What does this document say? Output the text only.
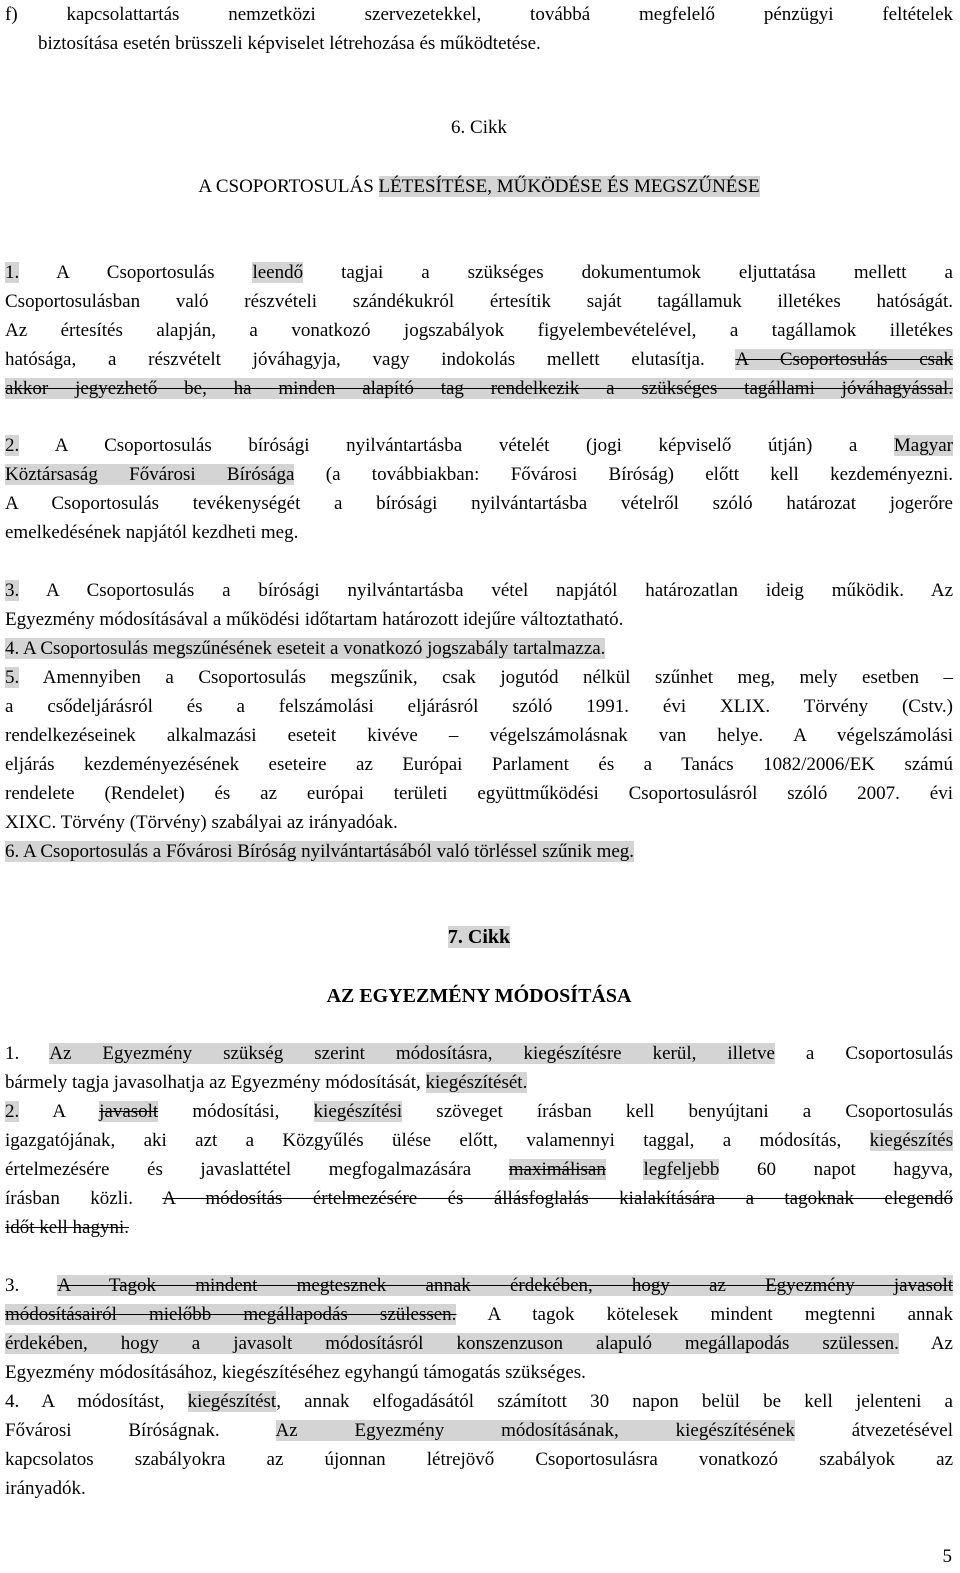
f) kapcsolattartás nemzetközi szervezetekkel, továbbá megfelelő pénzügyi feltételek
biztosítása esetén brüsszeli képviselet létrehozása és működtetése.
6. Cikk
A CSOPORTOSULÁS LÉTESÍTÉSE, MŰKÖDÉSE ÉS MEGSZŰNÉSE
1. A Csoportosulás leendő tagjai a szükséges dokumentumok eljuttatása mellett a
Csoportosulásban való részvételi szándékukról értesítik saját tagállamuk illetékes hatóságát.
Az értesítés alapján, a vonatkozó jogszabályok figyelembevételével, a tagállamok illetékes
hatósága, a részvételt jóváhagyja, vagy indokolás mellett elutasítja. A Csoportosulás csak
akkor jegyezhető be, ha minden alapító tag rendelkezik a szükséges tagállami jóváhagyással.
2. A Csoportosulás bírósági nyilvántartásba vételét (jogi képviselő útján) a Magyar
Köztársaság Fővárosi Bírósága (a továbbiakban: Fővárosi Bíróság) előtt kell kezdeményezni.
A Csoportosulás tevékenységét a bírósági nyilvántartásba vételről szóló határozat jogerőre
emelkedésének napjától kezdheti meg.
3. A Csoportosulás a bírósági nyilvántartásba vétel napjától határozatlan ideig működik. Az
Egyezmény módosításával a működési időtartam határozott idejűre változtatható.
4. A Csoportosulás megszűnésének eseteit a vonatkozó jogszabály tartalmazza.
5. Amennyiben a Csoportosulás megszűnik, csak jogutód nélkül szűnhet meg, mely esetben –
a csődeljárásról és a felszámolási eljárásról szóló 1991. évi XLIX. Törvény (Cstv.)
rendelkezéseinek alkalmazási eseteit kivéve – végelszámolásnak van helye. A végelszámolási
eljárás kezdeményezésének eseteire az Európai Parlament és a Tanács 1082/2006/EK számú
rendelete (Rendelet) és az európai területi együttműködési Csoportosulásról szóló 2007. évi
XIXC. Törvény (Törvény) szabályai az irányadóak.
6. A Csoportosulás a Fővárosi Bíróság nyilvántartásából való törléssel szűnik meg.
7. Cikk
AZ EGYEZMÉNY MÓDOSÍTÁSA
1. Az Egyezmény szükség szerint módosításra, kiegészítésre kerül, illetve a Csoportosulás
bármely tagja javasolhatja az Egyezmény módosítását, kiegészítését.
2. A javasolt módosítási, kiegészítési szöveget írásban kell benyújtani a Csoportosulás
igazgatójának, aki azt a Közgyűlés ülése előtt, valamennyi taggal, a módosítás, kiegészítés
értelmezésére és javaslattétel megfogalmazására maximálisan legfeljebb 60 napot hagyva,
írásban közli. A módosítás értelmezésére és állásfoglalás kialakítására a tagoknak elegendő
időt kell hagyni.
3. A Tagok mindent megtesznek annak érdekében, hogy az Egyezmény javasolt
módosításairól mielőbb megállapodás szülessen. A tagok kötelesek mindent megtenni annak
érdekében, hogy a javasolt módosításról konszenzuson alapuló megállapodás szülessen. Az
Egyezmény módosításához, kiegészítéséhez egyhangú támogatás szükséges.
4. A módosítást, kiegészítést, annak elfogadásától számított 30 napon belül be kell jelenteni a
Fővárosi Bíróságnak. Az Egyezmény módosításának, kiegészítésének átvezetésével
kapcsolatos szabályokra az újonnan létrejövő Csoportosulásra vonatkozó szabályok az
irányadók.
5
